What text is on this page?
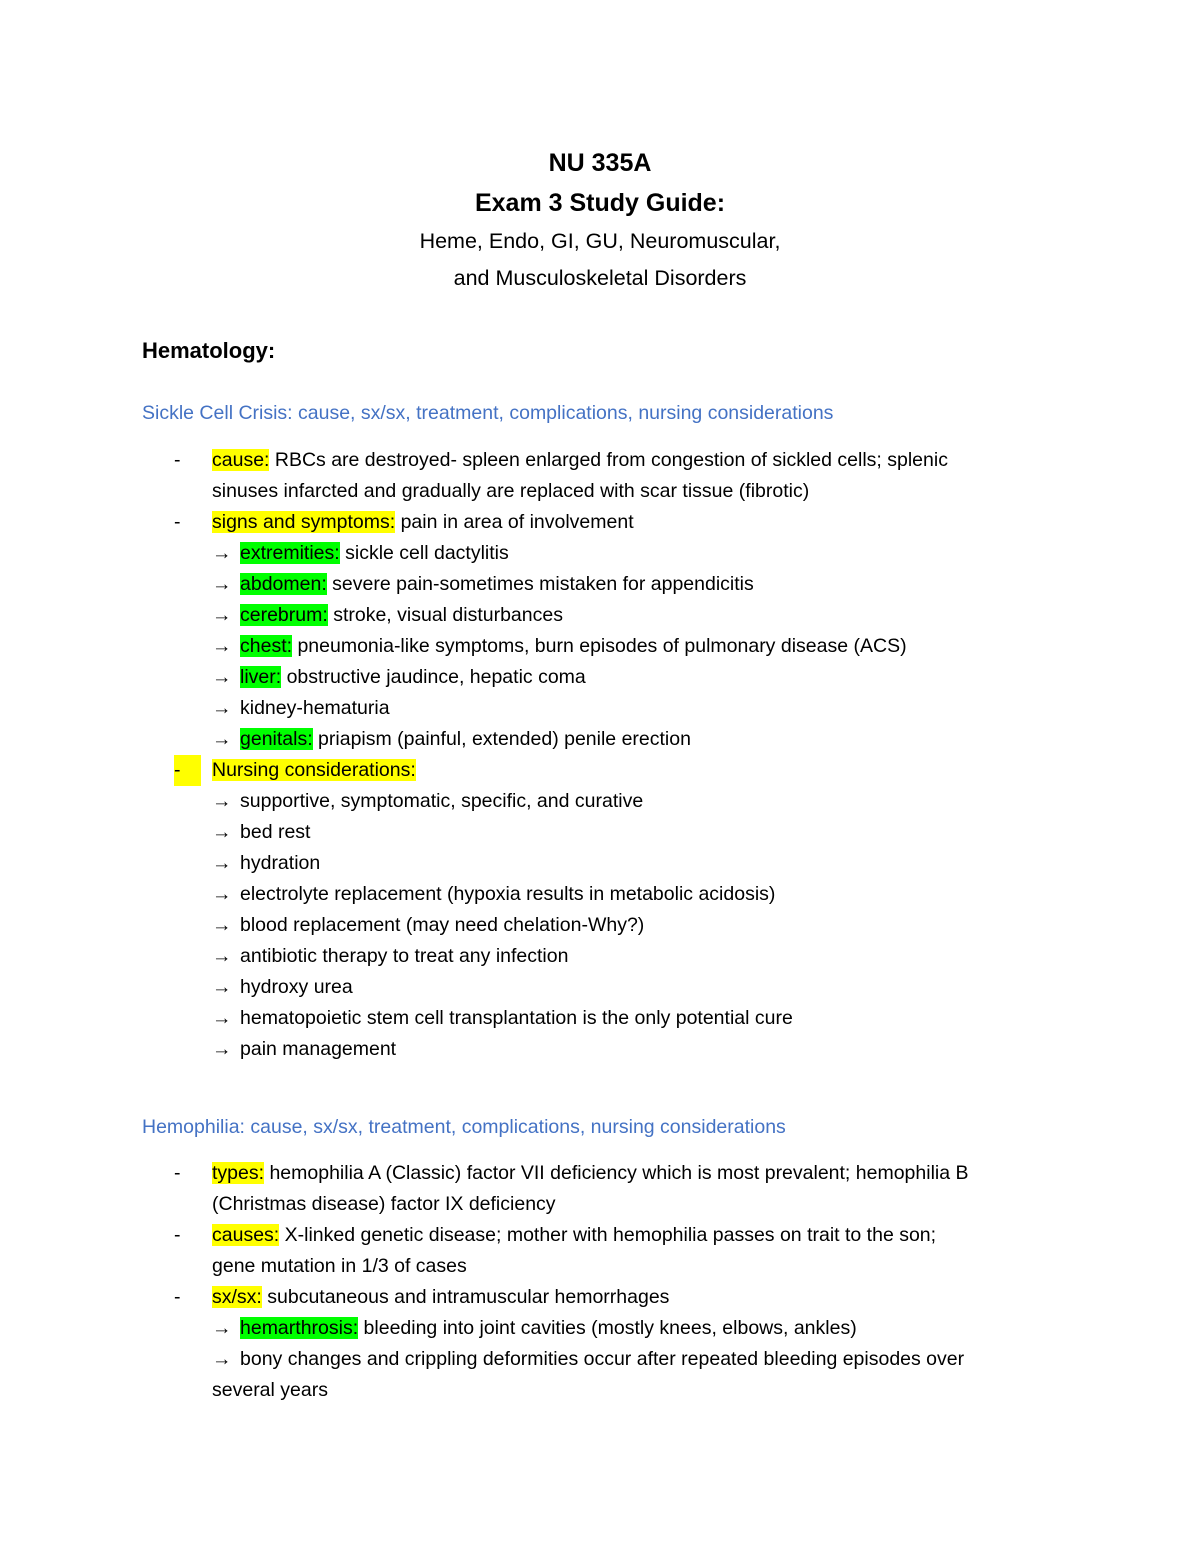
NU 335A
Exam 3 Study Guide:
Heme, Endo, GI, GU, Neuromuscular,
and Musculoskeletal Disorders
Hematology:
Sickle Cell Crisis: cause, sx/sx, treatment, complications, nursing considerations
- cause: RBCs are destroyed- spleen enlarged from congestion of sickled cells; splenic
sinuses infarcted and gradually are replaced with scar tissue (fibrotic)
- signs and symptoms: pain in area of involvement
→ extremities: sickle cell dactylitis
→ abdomen: severe pain-sometimes mistaken for appendicitis
→ cerebrum: stroke, visual disturbances
→ chest: pneumonia-like symptoms, burn episodes of pulmonary disease (ACS)
→ liver: obstructive jaudince, hepatic coma
→ kidney-hematuria
→ genitals: priapism (painful, extended) penile erection
-	Nursing considerations:
→ supportive, symptomatic, specific, and curative
→ bed rest
→ hydration
→ electrolyte replacement (hypoxia results in metabolic acidosis)
→ blood replacement (may need chelation-Why?)
→ antibiotic therapy to treat any infection
→ hydroxy urea
→ hematopoietic stem cell transplantation is the only potential cure
→ pain management
Hemophilia: cause, sx/sx, treatment, complications, nursing considerations
- types: hemophilia A (Classic) factor VII deficiency which is most prevalent; hemophilia B
(Christmas disease) factor IX deficiency
- causes: X-linked genetic disease; mother with hemophilia passes on trait to the son;
gene mutation in 1/3 of cases
- sx/sx: subcutaneous and intramuscular hemorrhages
→ hemarthrosis: bleeding into joint cavities (mostly knees, elbows, ankles)
→ bony changes and crippling deformities occur after repeated bleeding episodes over
several years
